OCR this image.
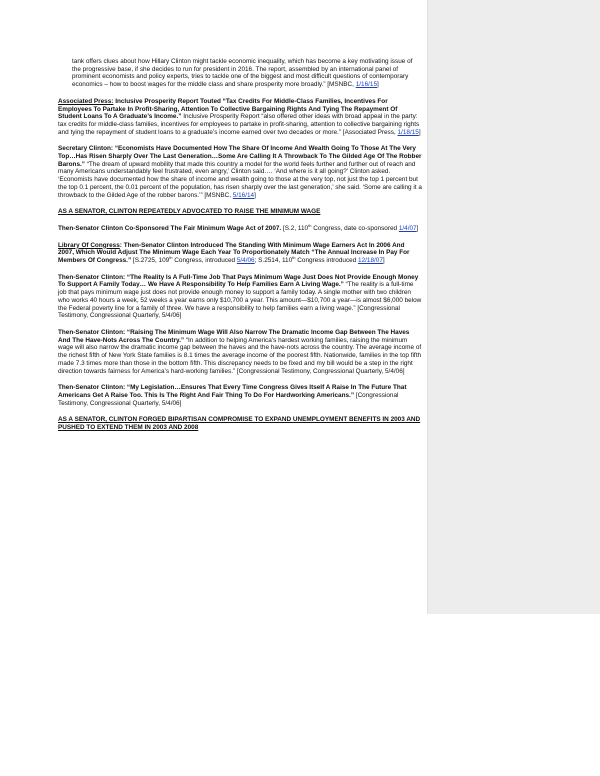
tank offers clues about how Hillary Clinton might tackle economic inequality, which has become a key motivating issue of the progressive base, if she decides to run for president in 2016. The report, assembled by an international panel of prominent economists and policy experts, tries to tackle one of the biggest and most difficult questions of contemporary economics – how to boost wages for the middle class and share prosperity more broadly.” [MSNBC, 1/16/15]

Associated Press: Inclusive Prosperity Report Touted “Tax Credits For Middle-Class Families, Incentives For Employees To Partake In Profit-Sharing, Attention To Collective Bargaining Rights And Tying The Repayment Of Student Loans To A Graduate’s Income.” Inclusive Prosperity Report “also offered other ideas with broad appeal in the party: tax credits for middle-class families, incentives for employees to partake in profit-sharing, attention to collective bargaining rights and tying the repayment of student loans to a graduate’s income earned over two decades or more.” [Associated Press, 1/18/15]

Secretary Clinton: “Economists Have Documented How The Share Of Income And Wealth Going To Those At The Very Top…Has Risen Sharply Over The Last Generation…Some Are Calling It A Throwback To The Gilded Age Of The Robber Barons.” “The dream of upward mobility that made this country a model for the world feels further and further out of reach and many Americans understandably feel frustrated, even angry,’ Clinton said…. ‘And where is it all going?’ Clinton asked. ‘Economists have documented how the share of income and wealth going to those at the very top, not just the top 1 percent but the top 0.1 percent, the 0.01 percent of the population, has risen sharply over the last generation,’ she said. ‘Some are calling it a throwback to the Gilded Age of the robber barons.’” [MSNBC, 5/16/14]

AS A SENATOR, CLINTON REPEATEDLY ADVOCATED TO RAISE THE MINIMUM WAGE

Then-Senator Clinton Co-Sponsored The Fair Minimum Wage Act of 2007. [S.2, 110th Congress, date co-sponsored 1/4/07]

Library Of Congress: Then-Senator Clinton Introduced The Standing With Minimum Wage Earners Act In 2006 And 2007, Which Would Adjust The Minimum Wage Each Year To Proportionately Match “The Annual Increase In Pay For Members Of Congress.” [S.2725, 109th Congress, introduced 5/4/06; S.2514, 110th Congress introduced 12/18/07]

Then-Senator Clinton: “The Reality Is A Full-Time Job That Pays Minimum Wage Just Does Not Provide Enough Money To Support A Family Today… We Have A Responsibility To Help Families Earn A Living Wage.” “The reality is a full-time job that pays minimum wage just does not provide enough money to support a family today. A single mother with two children who works 40 hours a week, 52 weeks a year earns only $10,700 a year. This amount—$10,700 a year—is almost $6,000 below the Federal poverty line for a family of three. We have a responsibility to help families earn a living wage.” [Congressional Testimony, Congressional Quarterly, 5/4/06]

Then-Senator Clinton: “Raising The Minimum Wage Will Also Narrow The Dramatic Income Gap Between The Haves And The Have-Nots Across The Country.” “In addition to helping America’s hardest working families, raising the minimum wage will also narrow the dramatic income gap between the haves and the have-nots across the country. The average income of the richest fifth of New York State families is 8.1 times the average income of the poorest fifth. Nationwide, families in the top fifth made 7.3 times more than those in the bottom fifth. This discrepancy needs to be fixed and my bill would be a step in the right direction towards fairness for America’s hard-working families.” [Congressional Testimony, Congressional Quarterly, 5/4/06]

Then-Senator Clinton: “My Legislation…Ensures That Every Time Congress Gives Itself A Raise In The Future That Americans Get A Raise Too. This Is The Right And Fair Thing To Do For Hardworking Americans.” [Congressional Testimony, Congressional Quarterly, 5/4/06]

AS A SENATOR, CLINTON FORGED BIPARTISAN COMPROMISE TO EXPAND UNEMPLOYMENT BENEFITS IN 2003 AND PUSHED TO EXTEND THEM IN 2003 AND 2008
